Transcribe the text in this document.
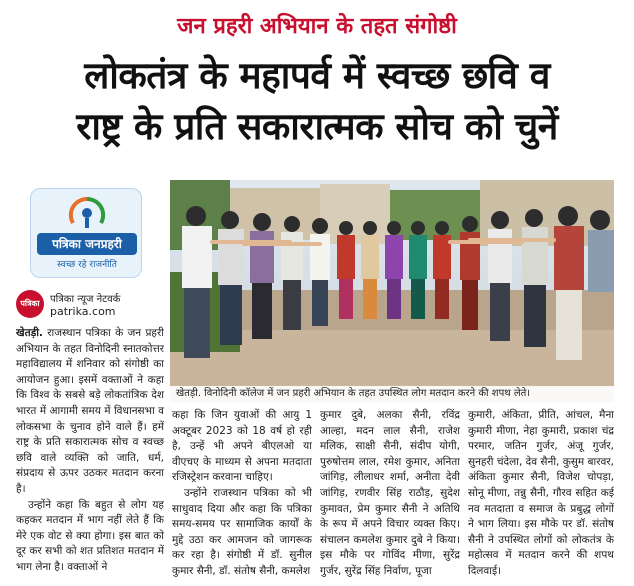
जन प्रहरी अभियान के तहत संगोष्ठी
लोकतंत्र के महापर्व में स्वच्छ छवि व
राष्ट्र के प्रति सकारात्मक सोच को चुनें
पत्रिका जनप्रहरी
स्वच्छ रहे राजनीति
पत्रिका	पत्रिका न्यूज नेटवर्क
patrika.com
खेतड़ी. विनोदिनी कॉलेज में जन प्रहरी अभियान के तहत उपस्थित लोग मतदान करने की शपथ लेते।

खेतड़ी. राजस्थान पत्रिका के जन प्रहरी अभियान के तहत विनोदिनी स्नातकोत्तर महाविद्यालय में शनिवार को संगोष्ठी का आयोजन हुआ। इसमें वक्ताओं ने कहा कि विश्व के सबसे बड़े लोकतांत्रिक देश भारत में आगामी समय में विधानसभा व लोकसभा के चुनाव होने वाले हैं। हमें राष्ट्र के प्रति सकारात्मक सोच व स्वच्छ छवि वाले व्यक्ति को जाति, धर्म, संप्रदाय से ऊपर उठकर मतदान करना है।

उन्होंने कहा कि बहुत से लोग यह कहकर मतदान में भाग नहीं लेते हैं कि मेरे एक वोट से क्या होगा। इस बात को दूर कर सभी को शत प्रतिशत मतदान में भाग लेना है। वक्ताओं ने

कहा कि जिन युवाओं की आयु 1 अक्टूबर 2023 को 18 वर्ष हो रही है, उन्हें भी अपने बीएलओ या वीएचए के माध्यम से अपना मतदाता रजिस्ट्रेशन करवाना चाहिए।

उन्होंने राजस्थान पत्रिका को भी साधुवाद दिया और कहा कि पत्रिका समय-समय पर सामाजिक कार्यों के मुद्दे उठा कर आमजन को जागरूक कर रहा है। संगोष्ठी में डॉ. सुनील कुमार सैनी, डॉ. संतोष सैनी, कमलेश

कुमार दुबे, अलका सैनी, रविंद्र आल्हा, मदन लाल सैनी, राजेश मलिक, साक्षी सैनी, संदीप योगी, पुरुषोत्तम लाल, रमेश कुमार, अनिता जांगिड़, लीलाधर शर्मा, अनीता देवी जांगिड़, रणवीर सिंह राठौड़, सुदेश कुमावत, प्रेम कुमार सैनी ने अतिथि के रूप में अपने विचार व्यक्त किए। संचालन कमलेश कुमार दुबे ने किया। इस मौके पर गोविंद मीणा, सुरेंद्र गुर्जर, सुरेंद्र सिंह निर्वाण, पूजा

कुमारी, अंकिता, प्रीति, आंचल, मैना कुमारी मीणा, नेहा कुमारी, प्रकाश चंद्र परमार, जतिन गुर्जर, अंजू गुर्जर, सुनहरी चंदेला, देव सैनी, कुसुम बारवर, अंकिता कुमार सैनी, विजेश चोपड़ा, सोनू मीणा, तन्नु सैनी, गौरव सहित कई नव मतदाता व समाज के प्रबुद्ध लोगों ने भाग लिया। इस मौके पर डॉ. संतोष सैनी ने उपस्थित लोगों को लोकतंत्र के महोत्सव में मतदान करने की शपथ दिलवाई।
